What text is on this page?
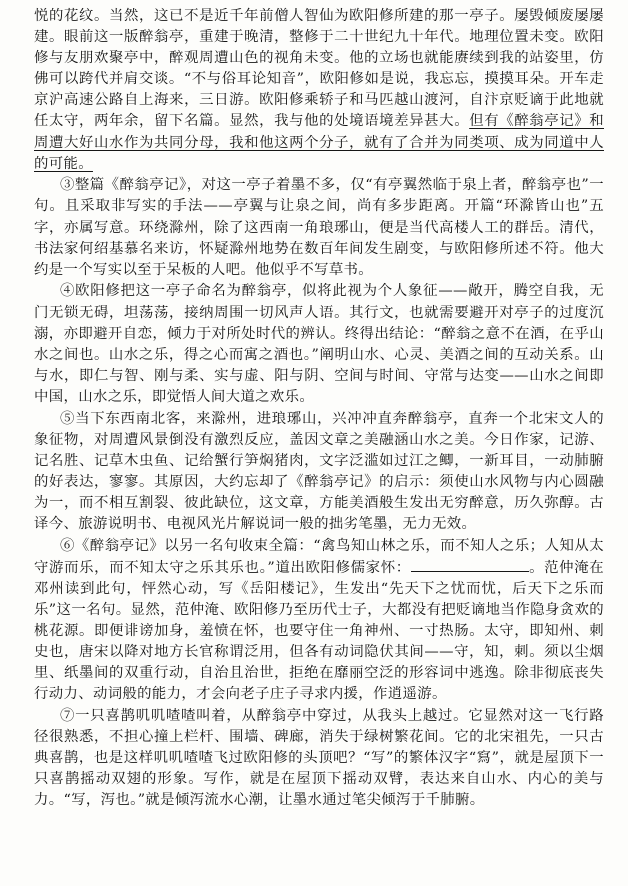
悦的花纹。当然，这已不是近千年前僧人智仙为欧阳修所建的那一亭子。屡毁倾废屡屡建。眼前这一版醉翁亭，重建于晚清，整修于二十世纪九十年代。地理位置未变。欧阳修与友朋欢聚亭中，醉观周遭山色的视角未变。他的立场也就能赓续到我的站姿里，仿佛可以跨代并肩交谈。“不与俗耳论知音”，欧阳修如是说，我忘忘，摸摸耳朵。开车走京沪高速公路自上海来，三日游。欧阳修乘轿子和马匹越山渡河，自汴京贬谪于此地就任太守，两年余，留下名篇。显然，我与他的处境语境差异甚大。但有《醉翁亭记》和周遭大好山水作为共同分母，我和他这两个分子，就有了合并为同类项、成为同道中人的可能。

③整篇《醉翁亭记》，对这一亭子着墨不多，仅“有亭翼然临于泉上者，醉翁亭也”一句。且采取非写实的手法——亭翼与让泉之间，尚有多步距离。开篇“环滁皆山也”五字，亦属写意。环绕滁州，除了这西南一角琅琊山，便是当代高楼人工的群岳。清代，书法家何绍基慕名来访，怀疑滁州地势在数百年间发生剧变，与欧阳修所述不符。他大约是一个写实以至于呆板的人吧。他似乎不写草书。

④欧阳修把这一亭子命名为醉翁亭，似将此视为个人象征——敞开，腾空自我，无门无锁无碍，坦荡荡，接纳周围一切风声人语。其行文，也就需要避开对亭子的过度沉溺，亦即避开自恋，倾力于对所处时代的辨认。终得出结论：“醉翁之意不在酒，在乎山水之间也。山水之乐，得之心而寓之酒也。”阐明山水、心灵、美酒之间的互动关系。山与水，即仁与智、刚与柔、实与虚、阳与阴、空间与时间、守常与达变——山水之间即中国，山水之乐，即觉悟人间大道之欢乐。

⑤当下东西南北客，来滁州，进琅琊山，兴冲冲直奔醉翁亭，直奔一个北宋文人的象征物，对周遭风景倒没有激烈反应，盖因文章之美融涵山水之美。今日作家，记游、记名胜、记草木虫鱼、记给蟹行笋焖猪肉，文字泛滥如过江之鲫，一新耳目，一动肺腑的好表达，寥寥。其原因，大约忘却了《醉翁亭记》的启示：须使山水风物与内心圆融为一，而不相互割裂、彼此缺位，这文章，方能美酒般生发出无穷醉意，历久弥醇。古译今、旅游说明书、电视风光片解说词一般的拙劣笔墨，无力无效。

⑥《醉翁亭记》以另一名句收束全篇：“禽鸟知山林之乐，而不知人之乐；人知从太守游而乐，而不知太守之乐其乐也。”道出欧阳修儒家怀：	。范仲淹在邓州读到此句，怦然心动，写《岳阳楼记》，生发出“先天下之忧而忧，后天下之乐而乐”这一名句。显然，范仲淹、欧阳修乃至历代士子，大都没有把贬谪地当作隐身贪欢的桃花源。即便诽谤加身，羞愤在怀，也要守住一角神州、一寸热肠。太守，即知州、刺史也，唐宋以降对地方长官称谓泛用，但各有动词隐伏其间——守，知，刺。须以尘烟里、纸墨间的双重行动，自治且治世，拒绝在靡丽空泛的形容词中逃逸。除非彻底丧失行动力、动词般的能力，才会向老子庄子寻求内援，作逍遥游。

⑦一只喜鹊叽叽喳喳叫着，从醉翁亭中穿过，从我头上越过。它显然对这一飞行路径很熟悉，不担心撞上栏杆、围墙、碑廊，消失于绿树繁花间。它的北宋祖先，一只古典喜鹊，也是这样叽叽喳喳飞过欧阳修的头顶吧？“写”的繁体汉字“寫”，就是屋顶下一只喜鹊摇动双翅的形象。写作，就是在屋顶下摇动双臂，表达来自山水、内心的美与力。“写，泻也。”就是倾泻流水心潮，让墨水通过笔尖倾泻于千肺腑。
